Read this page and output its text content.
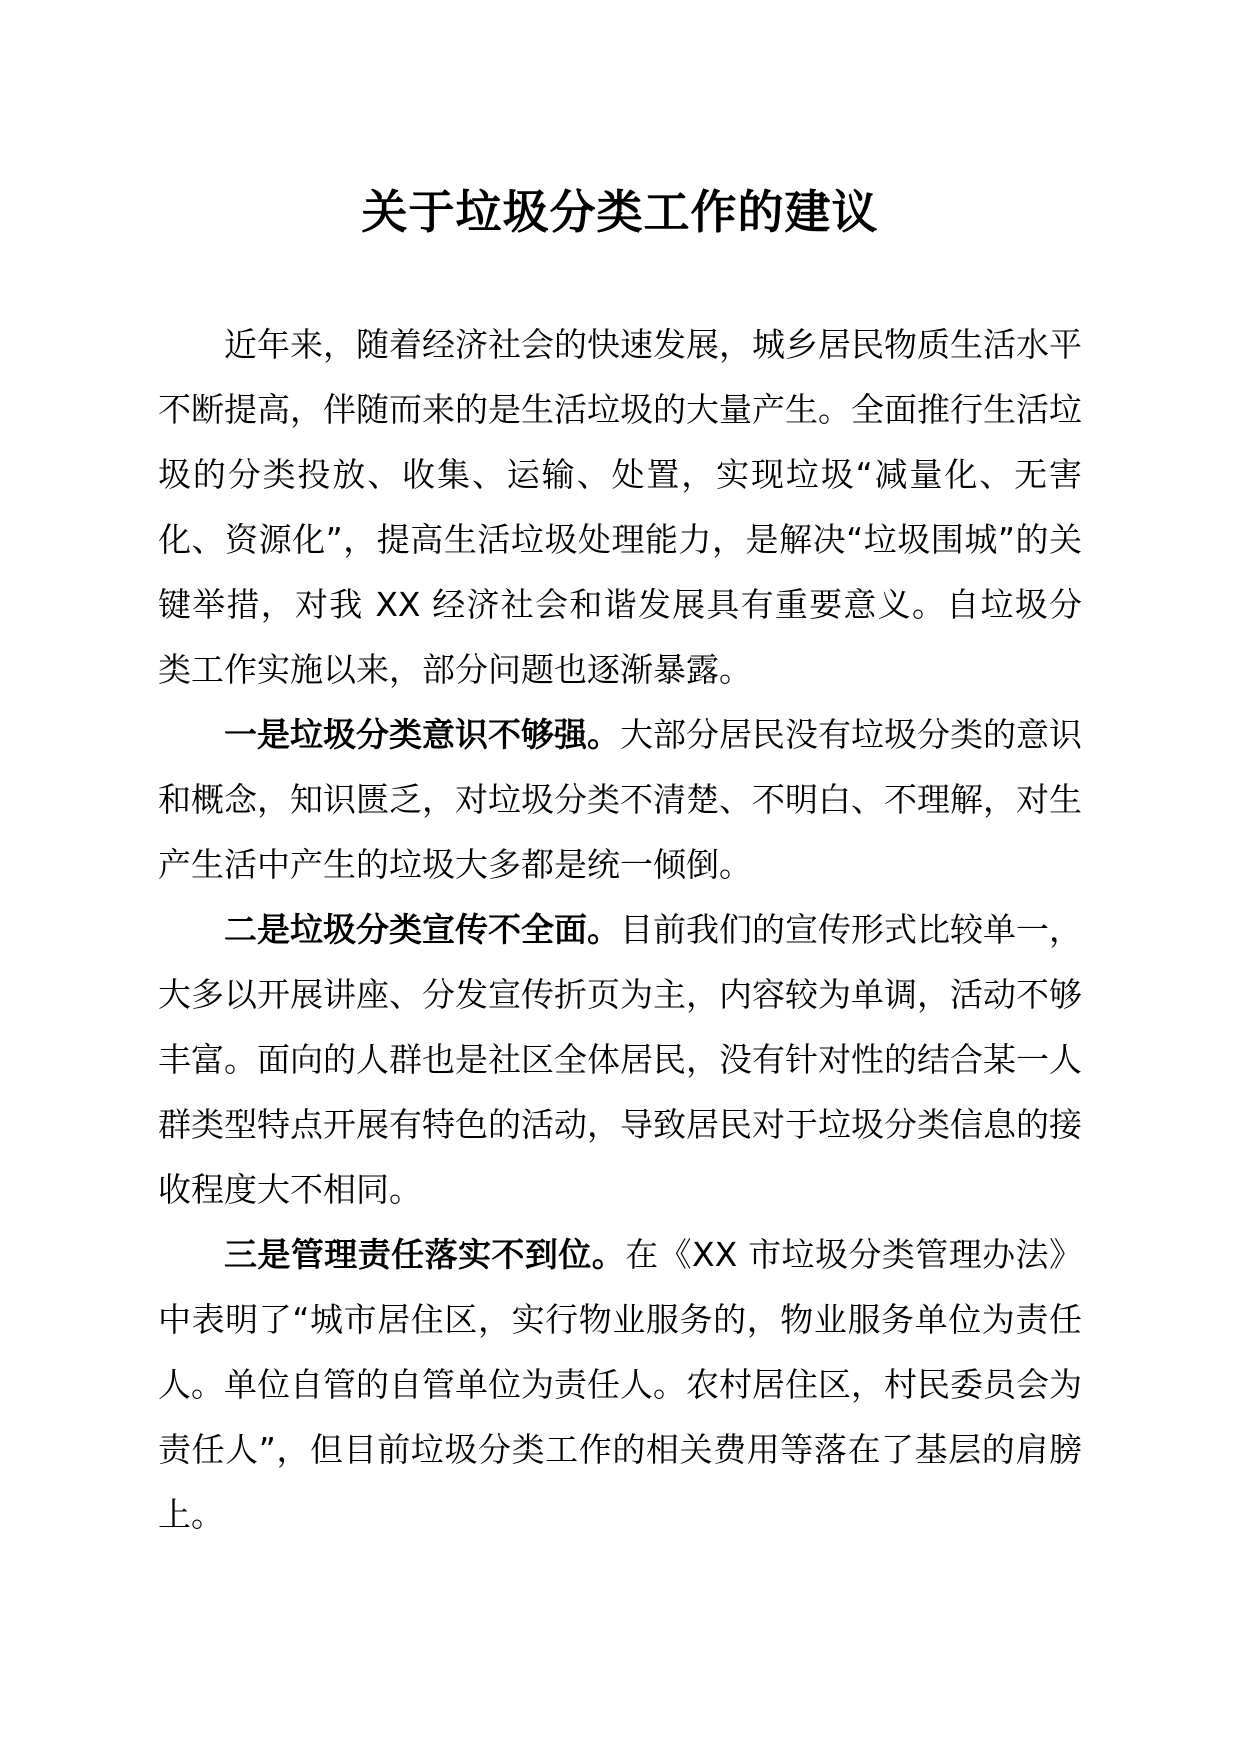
关于垃圾分类工作的建议

近年来，随着经济社会的快速发展，城乡居民物质生活水平不断提高，伴随而来的是生活垃圾的大量产生。全面推行生活垃圾的分类投放、收集、运输、处置，实现垃圾“减量化、无害化、资源化”，提高生活垃圾处理能力，是解决“垃圾围城”的关键举措，对我 XX 经济社会和谐发展具有重要意义。自垃圾分类工作实施以来，部分问题也逐渐暴露。

一是垃圾分类意识不够强。大部分居民没有垃圾分类的意识和概念，知识匮乏，对垃圾分类不清楚、不明白、不理解，对生产生活中产生的垃圾大多都是统一倾倒。

二是垃圾分类宣传不全面。目前我们的宣传形式比较单一，大多以开展讲座、分发宣传折页为主，内容较为单调，活动不够丰富。面向的人群也是社区全体居民，没有针对性的结合某一人群类型特点开展有特色的活动，导致居民对于垃圾分类信息的接收程度大不相同。

三是管理责任落实不到位。在《XX 市垃圾分类管理办法》中表明了“城市居住区，实行物业服务的，物业服务单位为责任人。单位自管的自管单位为责任人。农村居住区，村民委员会为责任人”，但目前垃圾分类工作的相关费用等落在了基层的肩膀上。
